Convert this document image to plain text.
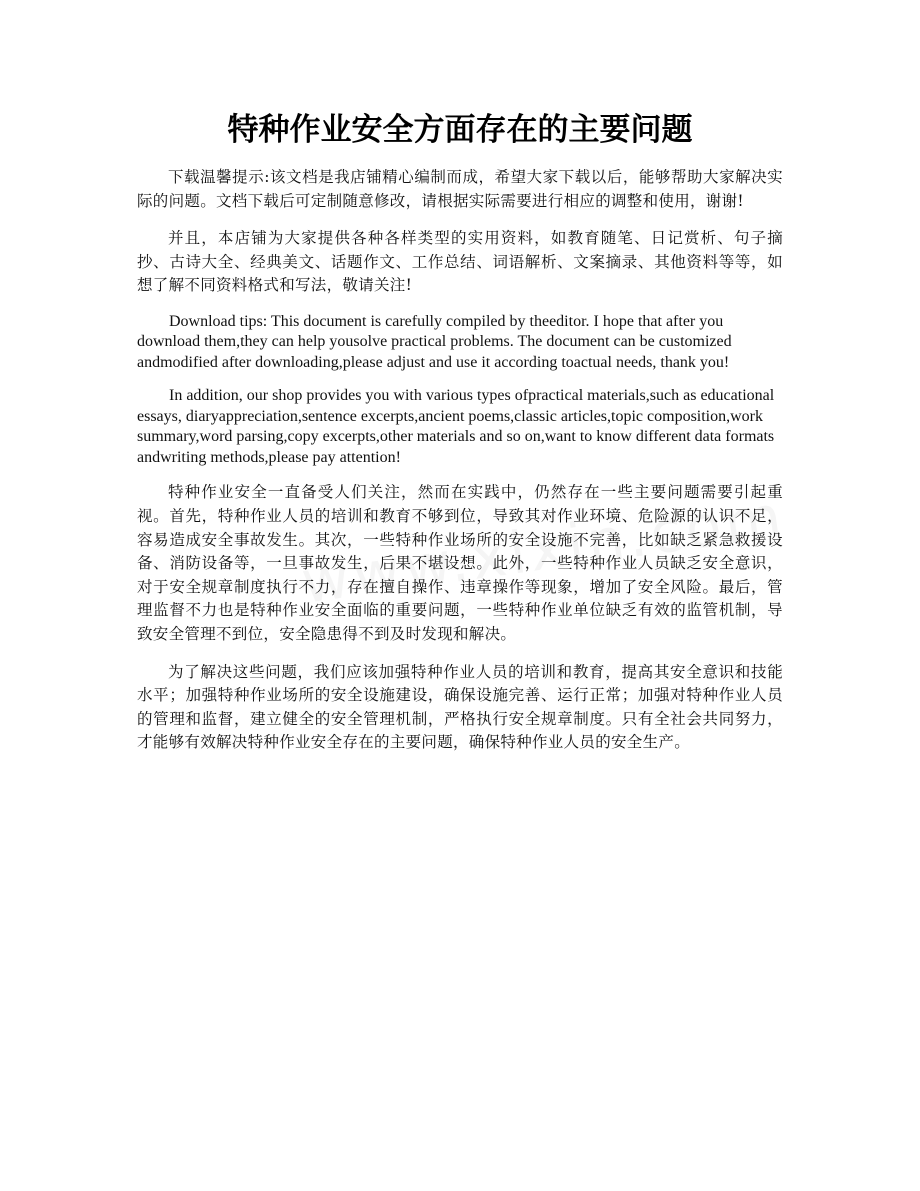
特种作业安全方面存在的主要问题

下载温馨提示:该文档是我店铺精心编制而成，希望大家下载以后，能够帮助大家解决实际的问题。文档下载后可定制随意修改，请根据实际需要进行相应的调整和使用，谢谢!

并且，本店铺为大家提供各种各样类型的实用资料，如教育随笔、日记赏析、句子摘抄、古诗大全、经典美文、话题作文、工作总结、词语解析、文案摘录、其他资料等等，如想了解不同资料格式和写法，敬请关注!

Download tips: This document is carefully compiled by theeditor. I hope that after you download them,they can help yousolve practical problems. The document can be customized andmodified after downloading,please adjust and use it according toactual needs, thank you!

In addition, our shop provides you with various types ofpractical materials,such as educational essays, diaryappreciation,sentence excerpts,ancient poems,classic articles,topic composition,work summary,word parsing,copy excerpts,other materials and so on,want to know different data formats andwriting methods,please pay attention!

特种作业安全一直备受人们关注，然而在实践中，仍然存在一些主要问题需要引起重视。首先，特种作业人员的培训和教育不够到位，导致其对作业环境、危险源的认识不足，容易造成安全事故发生。其次，一些特种作业场所的安全设施不完善，比如缺乏紧急救援设备、消防设备等，一旦事故发生，后果不堪设想。此外，一些特种作业人员缺乏安全意识，对于安全规章制度执行不力，存在擅自操作、违章操作等现象，增加了安全风险。最后，管理监督不力也是特种作业安全面临的重要问题，一些特种作业单位缺乏有效的监管机制，导致安全管理不到位，安全隐患得不到及时发现和解决。

为了解决这些问题，我们应该加强特种作业人员的培训和教育，提高其安全意识和技能水平；加强特种作业场所的安全设施建设，确保设施完善、运行正常；加强对特种作业人员的管理和监督，建立健全的安全管理机制，严格执行安全规章制度。只有全社会共同努力，才能够有效解决特种作业安全存在的主要问题，确保特种作业人员的安全生产。
